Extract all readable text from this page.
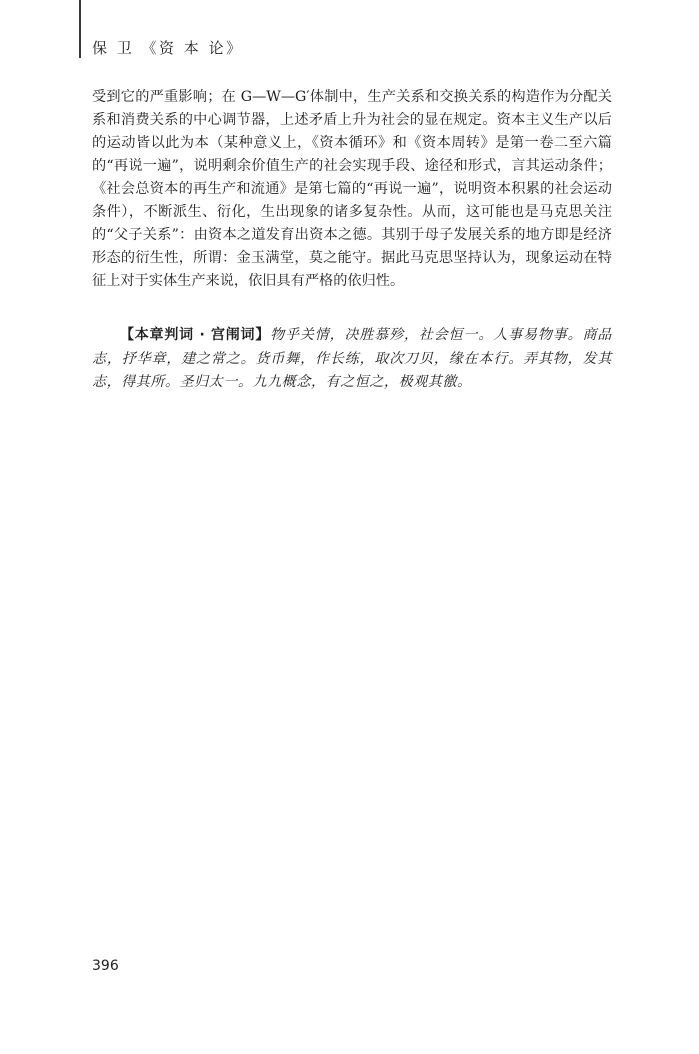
保 卫 《资 本 论》

受到它的严重影响；在 G—W—G′体制中，生产关系和交换关系的构造作为分配关系和消费关系的中心调节器，上述矛盾上升为社会的显在规定。资本主义生产以后的运动皆以此为本（某种意义上，《资本循环》和《资本周转》是第一卷二至六篇的“再说一遍”，说明剩余价值生产的社会实现手段、途径和形式，言其运动条件；《社会总资本的再生产和流通》是第七篇的“再说一遍”，说明资本积累的社会运动条件），不断派生、衍化，生出现象的诸多复杂性。从而，这可能也是马克思关注的“父子关系”：由资本之道发育出资本之德。其别于母子发展关系的地方即是经济形态的衍生性，所谓：金玉满堂，莫之能守。据此马克思坚持认为，现象运动在特征上对于实体生产来说，依旧具有严格的依归性。

【本章判词 · 宫闱词】物乎关情，决胜慕殄，社会恒一。人事易物事。商品志，抒华章，建之常之。货币舞，作长练，取次刀贝，缘在本行。弄其物，发其志，得其所。圣归太一。九九概念，有之恒之，极观其徼。

396
